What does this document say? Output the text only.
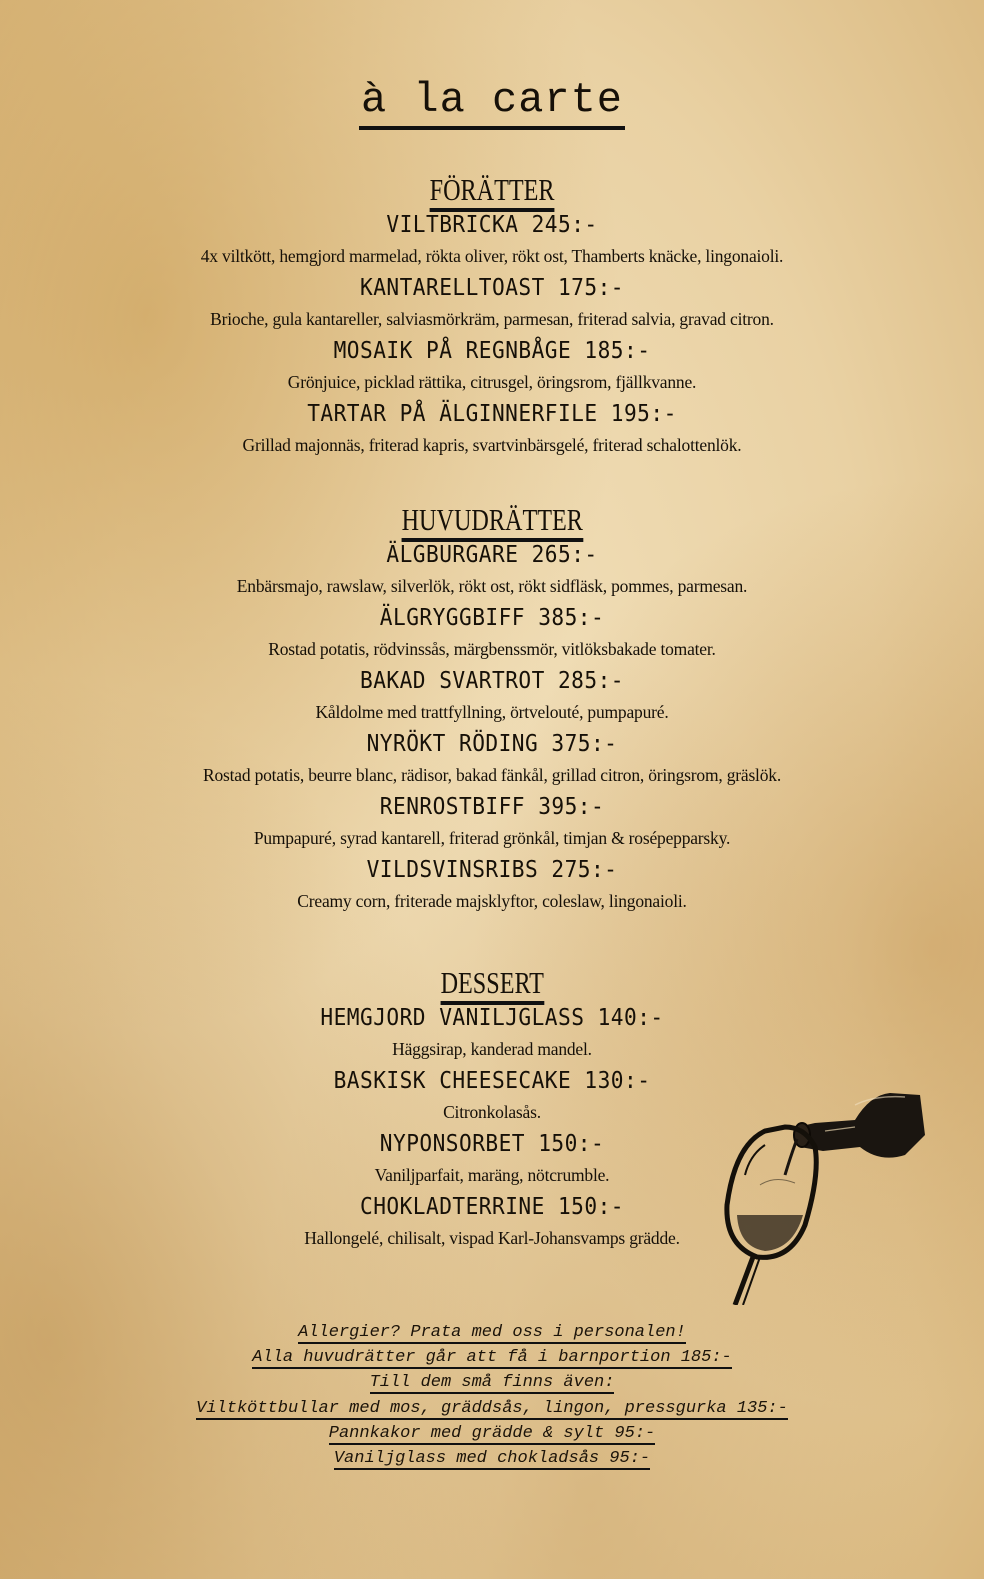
à la carte
FÖRÄTTER
VILTBRICKA 245:-
4x viltkött, hemgjord marmelad, rökta oliver, rökt ost, Thamberts knäcke, lingonaioli.
KANTARELLTOAST 175:-
Brioche, gula kantareller, salviasmörkräm, parmesan, friterad salvia, gravad citron.
MOSAIK PÅ REGNBÅGE 185:-
Grönjuice, picklad rättika, citrusgel, öringsrom, fjällkvanne.
TARTAR PÅ ÄLGINNERFILE 195:-
Grillad majonnäs, friterad kapris, svartvinbärsgelé, friterad schalottenlök.
HUVUDRÄTTER
ÄLGBURGARE 265:-
Enbärsmajo, rawslaw, silverlök, rökt ost, rökt sidfläsk, pommes, parmesan.
ÄLGRYGGBIFF 385:-
Rostad potatis, rödvinssås, märgbenssmör, vitlöksbakade tomater.
BAKAD SVARTROT 285:-
Kåldolme med trattfyllning, örtvelouté, pumpapuré.
NYRÖKT RÖDING 375:-
Rostad potatis, beurre blanc, rädisor, bakad fänkål, grillad citron, öringsrom, gräslök.
RENROSTBIFF 395:-
Pumpapuré, syrad kantarell, friterad grönkål, timjan & rosépepparsky.
VILDSVINSRIBS 275:-
Creamy corn, friterade majsklyftor, coleslaw, lingonaioli.
DESSERT
HEMGJORD VANILJGLASS 140:-
Häggsirap, kanderad mandel.
BASKISK CHEESECAKE 130:-
Citronkolasås.
NYPONSORBET 150:-
Vaniljparfait, maräng, nötcrumble.
CHOKLADTERRINE 150:-
Hallongelé, chilisalt, vispad Karl-Johansvamps grädde.
Allergier? Prata med oss i personalen!
Alla huvudrätter går att få i barnportion 185:-
Till dem små finns även:
Viltköttbullar med mos, gräddsås, lingon, pressgurka 135:-
Pannkakor med grädde & sylt 95:-
Vaniljglass med chokladsås 95:-
